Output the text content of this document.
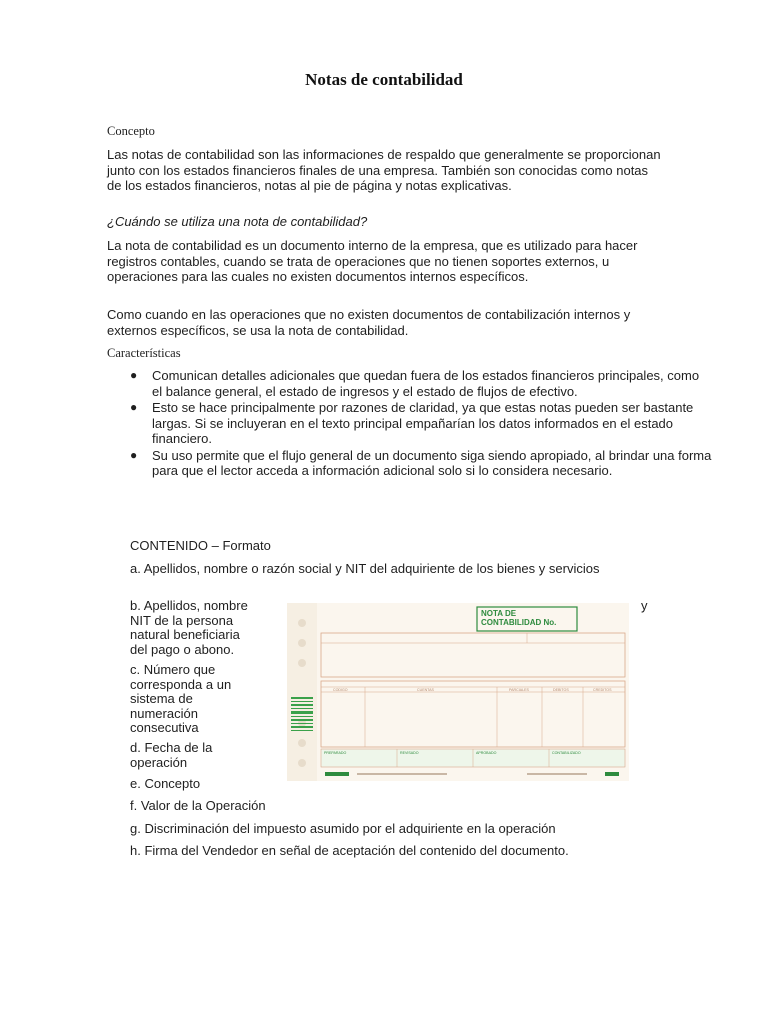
Notas de contabilidad
Concepto
Las notas de contabilidad son las informaciones de respaldo que generalmente se proporcionan junto con los estados financieros finales de una empresa. También son conocidas como notas de los estados financieros, notas al pie de página y notas explicativas.
¿Cuándo se utiliza una nota de contabilidad?
La nota de contabilidad es un documento interno de la empresa, que es utilizado para hacer registros contables, cuando se trata de operaciones que no tienen soportes externos, u operaciones para las cuales no existen documentos internos específicos.
Como cuando en las operaciones que no existen documentos de contabilización internos y externos específicos, se usa la nota de contabilidad.
Características
● Comunican detalles adicionales que quedan fuera de los estados financieros principales, como el balance general, el estado de ingresos y el estado de flujos de efectivo.
● Esto se hace principalmente por razones de claridad, ya que estas notas pueden ser bastante largas. Si se incluyeran en el texto principal empañarían los datos informados en el estado financiero.
● Su uso permite que el flujo general de un documento siga siendo apropiado, al brindar una forma para que el lector acceda a información adicional solo si lo considera necesario.
CONTENIDO – Formato
a. Apellidos, nombre o razón social y NIT del adquiriente de los bienes y servicios
b. Apellidos, nombre NIT de la persona natural beneficiaria del pago o abono.
y
c. Número que corresponda a un sistema de numeración consecutiva
d. Fecha de la operación
e. Concepto
f. Valor de la Operación
g. Discriminación del impuesto asumido por el adquiriente en la operación
h. Firma del Vendedor en señal de aceptación del contenido del documento.
NOTA DE
CONTABILIDAD No.
CODIGO	CUENTAS	PARCIALES	DEBITOS	CREDITOS
PREPARADO	REVISADO	APROBADO	CONTABILIZADO
